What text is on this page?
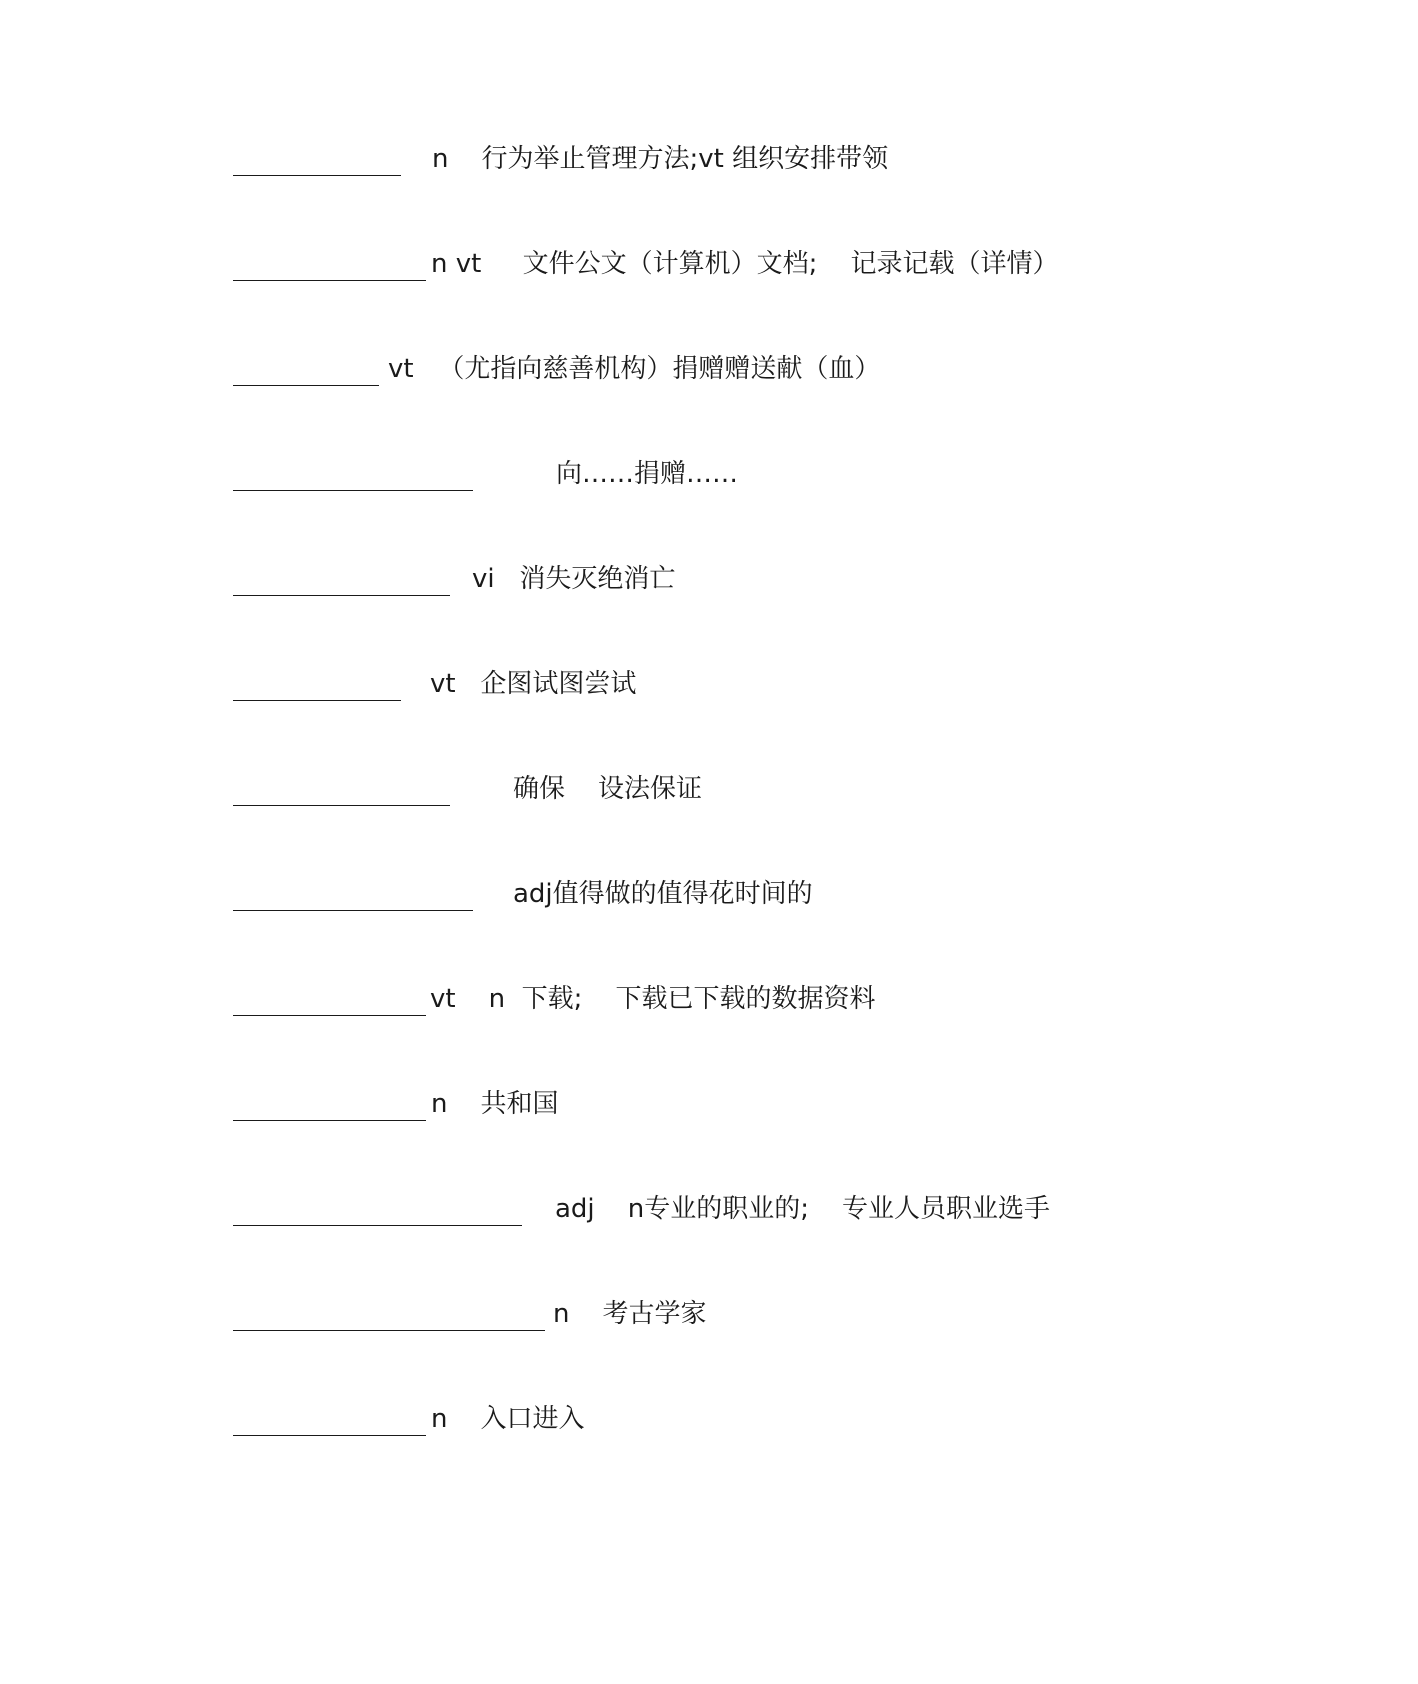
n    行为举止管理方法;vt 组织安排带领
n vt     文件公文（计算机）文档;    记录记载（详情）
vt   （尤指向慈善机构）捐赠赠送献（血）
向……捐赠……
vi   消失灭绝消亡
vt   企图试图尝试
确保    设法保证
adj值得做的值得花时间的
vt    n  下载;    下载已下载的数据资料
n    共和国
adj    n专业的职业的;    专业人员职业选手
n    考古学家
n    入口进入
